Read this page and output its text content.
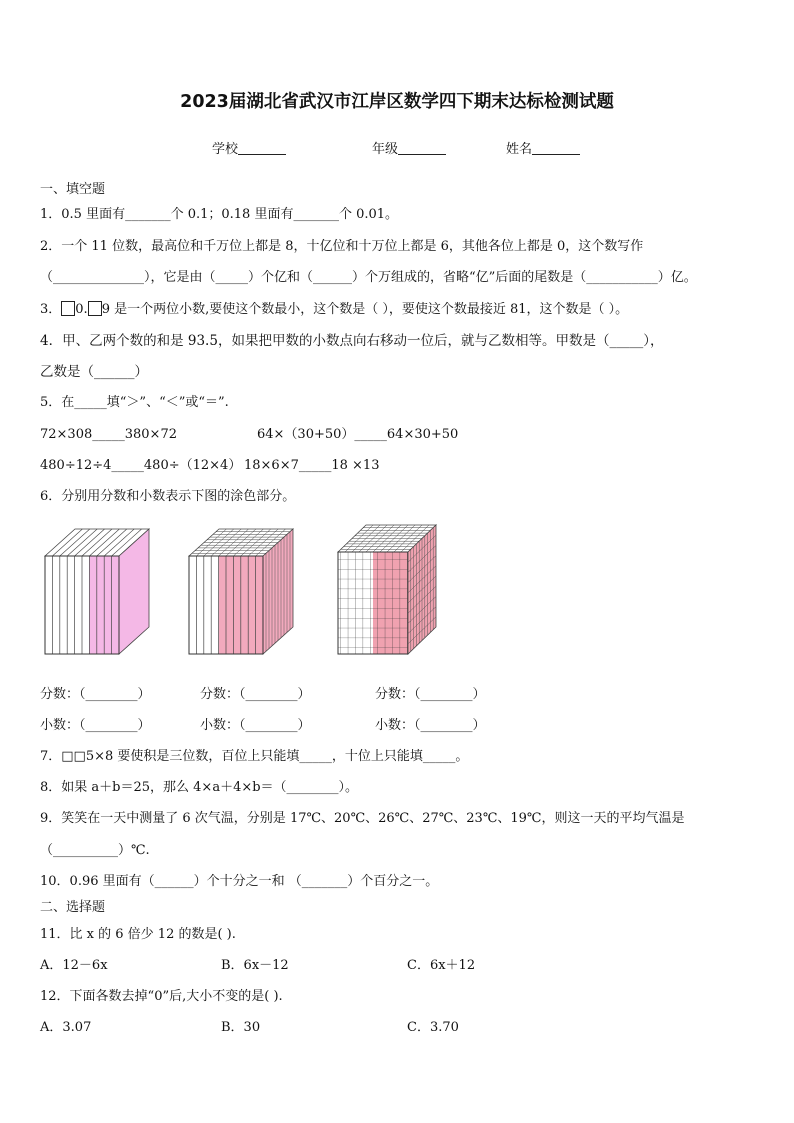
2023届湖北省武汉市江岸区数学四下期末达标检测试题
学校	年级	姓名
一、填空题
1．0.5 里面有_______个 0.1；0.18 里面有_______个 0.01。
2．一个 11 位数，最高位和千万位上都是 8，十亿位和十万位上都是 6，其他各位上都是 0，这个数写作
（______________），它是由（_____）个亿和（______）个万组成的，省略“亿”后面的尾数是（___________）亿。
3． 0. 9 是一个两位小数,要使这个数最小，这个数是（ ），要使这个数最接近 81，这个数是（ ）。
4．甲、乙两个数的和是 93.5，如果把甲数的小数点向右移动一位后，就与乙数相等。甲数是（_____），
乙数是（______）
5．在_____填“＞”、“＜”或“＝”.
72×308_____380×72	64×（30+50）_____64×30+50
480÷12÷4_____480÷（12×4） 18×6×7_____18 ×13
6．分别用分数和小数表示下图的涂色部分。
分数：（________）	分数：（________）	分数：（________）
小数：（________）	小数：（________）	小数：（________）
7．□□5×8 要使积是三位数，百位上只能填_____，十位上只能填_____。
8．如果 a＋b＝25，那么 4×a＋4×b＝（________）。
9．笑笑在一天中测量了 6 次气温，分别是 17℃、20℃、26℃、27℃、23℃、19℃，则这一天的平均气温是
（__________）℃.
10．0.96 里面有（______）个十分之一和 （_______）个百分之一。
二、选择题
11．比 x 的 6 倍少 12 的数是( ).
A．12－6x	B．6x－12	C．6x＋12
12．下面各数去掉“0”后,大小不变的是( ).
A．3.07	B．30	C．3.70
